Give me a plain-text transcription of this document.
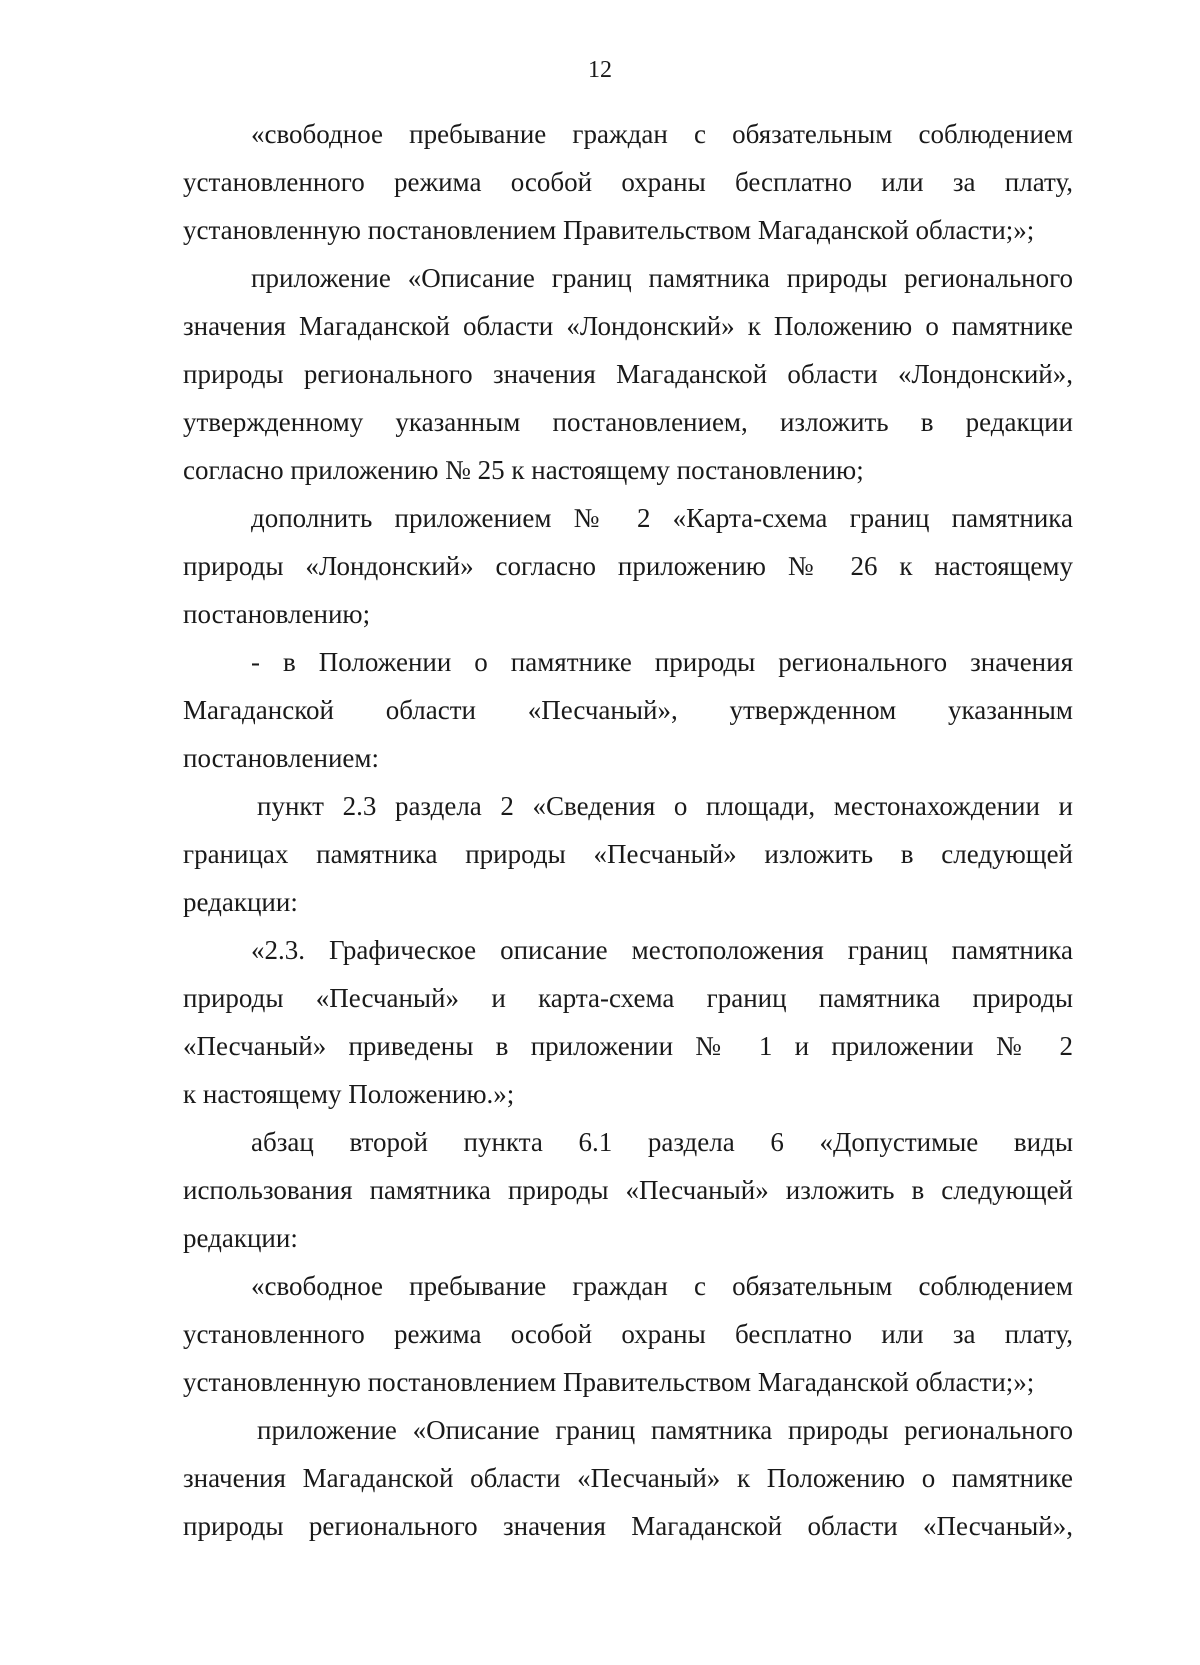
12
«свободное пребывание граждан с обязательным соблюдением
установленного режима особой охраны бесплатно или за плату,
установленную постановлением Правительством Магаданской области;»;
приложение «Описание границ памятника природы регионального
значения Магаданской области «Лондонский» к Положению о памятнике
природы регионального значения Магаданской области «Лондонский»,
утвержденному указанным постановлением, изложить в редакции
согласно приложению № 25 к настоящему постановлению;
дополнить приложением № 2 «Карта-схема границ памятника
природы «Лондонский» согласно приложению № 26 к настоящему
постановлению;
- в Положении о памятнике природы регионального значения
Магаданской области «Песчаный», утвержденном указанным
постановлением:
пункт 2.3 раздела 2 «Сведения о площади, местонахождении и
границах памятника природы «Песчаный» изложить в следующей
редакции:
«2.3. Графическое описание местоположения границ памятника
природы «Песчаный» и карта-схема границ памятника природы
«Песчаный» приведены в приложении № 1 и приложении № 2
к настоящему Положению.»;
абзац второй пункта 6.1 раздела 6 «Допустимые виды
использования памятника природы «Песчаный» изложить в следующей
редакции:
«свободное пребывание граждан с обязательным соблюдением
установленного режима особой охраны бесплатно или за плату,
установленную постановлением Правительством Магаданской области;»;
приложение «Описание границ памятника природы регионального
значения Магаданской области «Песчаный» к Положению о памятнике
природы регионального значения Магаданской области «Песчаный»,
